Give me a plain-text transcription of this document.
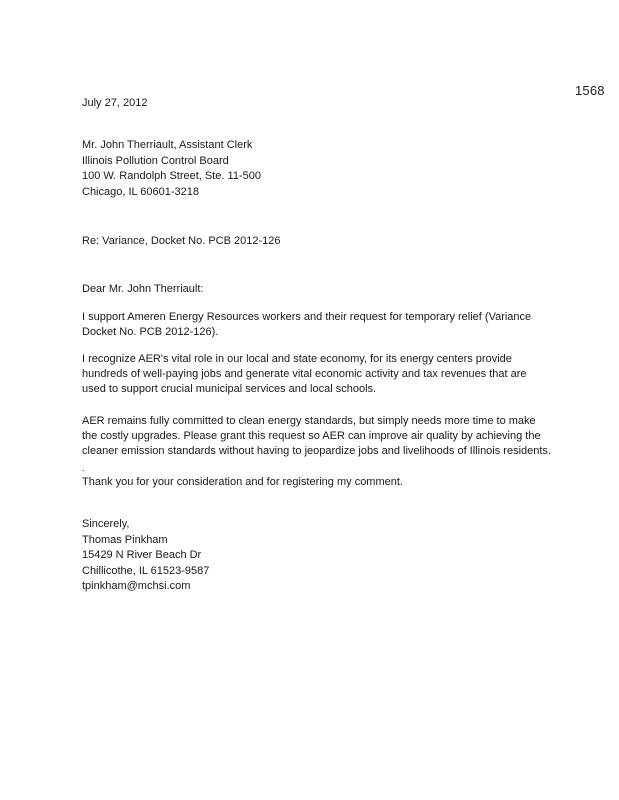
1568
July 27, 2012
Mr. John Therriault, Assistant Clerk
Illinois Pollution Control Board
100 W. Randolph Street, Ste. 11-500
Chicago, IL 60601-3218
Re: Variance, Docket No. PCB 2012-126
Dear Mr. John Therriault:
I support Ameren Energy Resources workers and their request for temporary relief (Variance
Docket No. PCB 2012-126).
I recognize AER's vital role in our local and state economy, for its energy centers provide
hundreds of well-paying jobs and generate vital economic activity and tax revenues that are
used to support crucial municipal services and local schools.
AER remains fully committed to clean energy standards, but simply needs more time to make
the costly upgrades. Please grant this request so AER can improve air quality by achieving the
cleaner emission standards without having to jeopardize jobs and livelihoods of Illinois residents.
.
Thank you for your consideration and for registering my comment.
Sincerely,
Thomas Pinkham
15429 N River Beach Dr
Chillicothe, IL 61523-9587
tpinkham@mchsi.com
